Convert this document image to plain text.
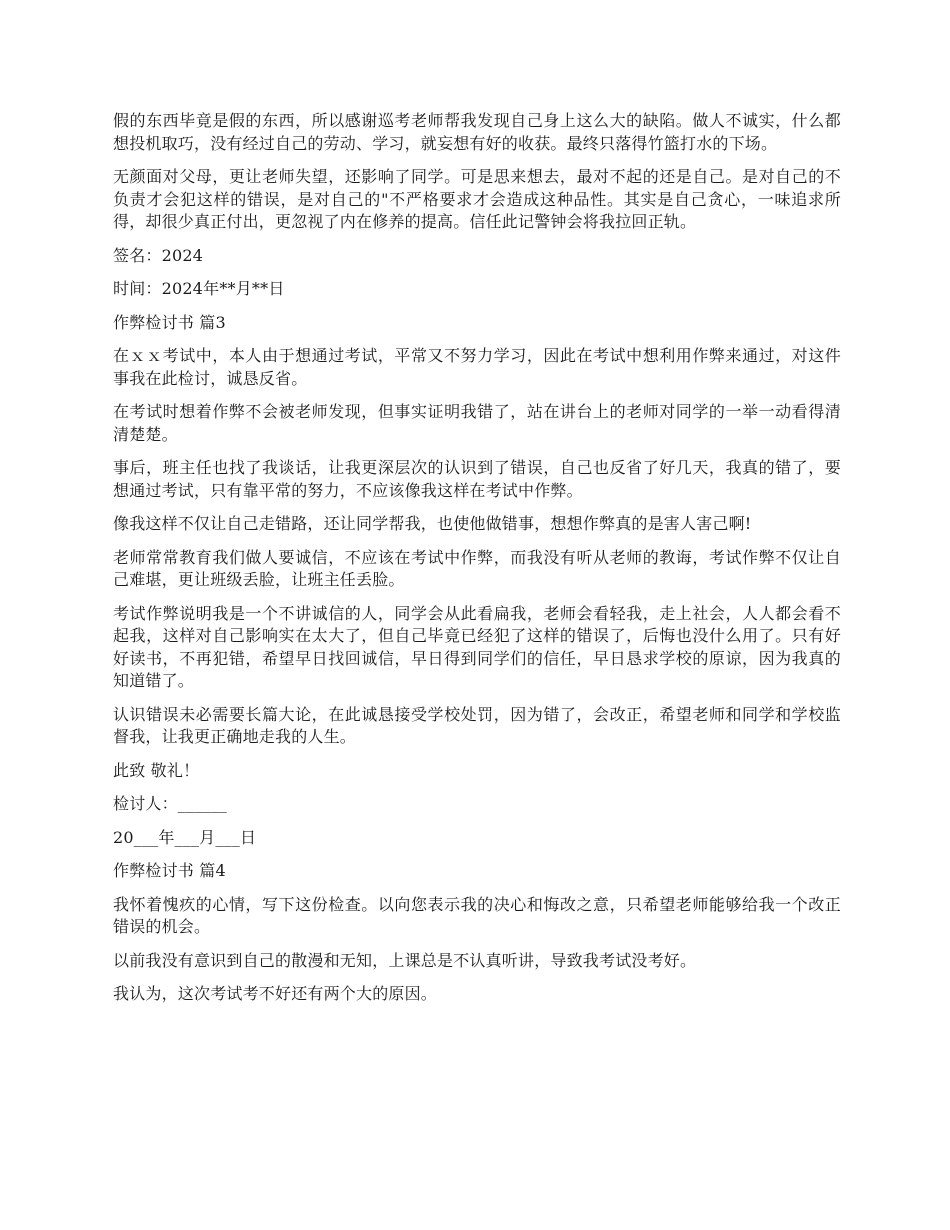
假的东西毕竟是假的东西，所以感谢巡考老师帮我发现自己身上这么大的缺陷。做人不诚实，什么都想投机取巧，没有经过自己的劳动、学习，就妄想有好的收获。最终只落得竹篮打水的下场。

无颜面对父母，更让老师失望，还影响了同学。可是思来想去，最对不起的还是自己。是对自己的不负责才会犯这样的错误，是对自己的"不严格要求才会造成这种品性。其实是自己贪心，一味追求所得，却很少真正付出，更忽视了内在修养的提高。信任此记警钟会将我拉回正轨。

签名：2024

时间：2024年**月**日

作弊检讨书 篇3

在ｘｘ考试中，本人由于想通过考试，平常又不努力学习，因此在考试中想利用作弊来通过，对这件事我在此检讨，诚恳反省。

在考试时想着作弊不会被老师发现，但事实证明我错了，站在讲台上的老师对同学的一举一动看得清清楚楚。

事后，班主任也找了我谈话，让我更深层次的认识到了错误，自己也反省了好几天，我真的错了，要想通过考试，只有靠平常的努力，不应该像我这样在考试中作弊。

像我这样不仅让自己走错路，还让同学帮我，也使他做错事，想想作弊真的是害人害己啊!

老师常常教育我们做人要诚信，不应该在考试中作弊，而我没有听从老师的教诲，考试作弊不仅让自己难堪，更让班级丢脸，让班主任丢脸。

考试作弊说明我是一个不讲诚信的人，同学会从此看扁我，老师会看轻我，走上社会，人人都会看不起我，这样对自己影响实在太大了，但自己毕竟已经犯了这样的错误了，后悔也没什么用了。只有好好读书，不再犯错，希望早日找回诚信，早日得到同学们的信任，早日恳求学校的原谅，因为我真的知道错了。

认识错误未必需要长篇大论，在此诚恳接受学校处罚，因为错了，会改正，希望老师和同学和学校监督我，让我更正确地走我的人生。

此致 敬礼！

检讨人：______

20___年___月___日

作弊检讨书 篇4

我怀着愧疚的心情，写下这份检查。以向您表示我的决心和悔改之意，只希望老师能够给我一个改正错误的机会。

以前我没有意识到自己的散漫和无知，上课总是不认真听讲，导致我考试没考好。

我认为，这次考试考不好还有两个大的原因。
